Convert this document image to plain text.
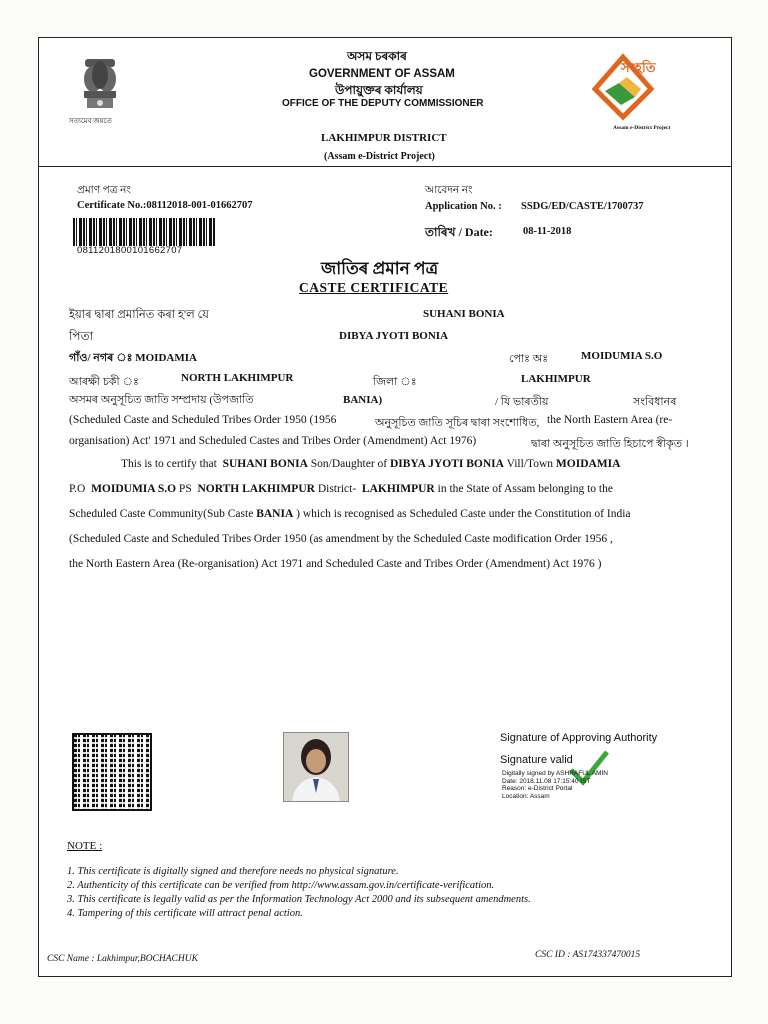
সত্যমেব জয়তে
অসম চৰকাৰ
GOVERNMENT OF ASSAM
উপায়ুক্তৰ কাৰ্যালয়
OFFICE OF THE DEPUTY COMMISSIONER
LAKHIMPUR DISTRICT
(Assam e-District Project)
সংহতি
Assam e-District Project
প্রমাণ পত্র নং
Certificate No.:08112018-001-01662707
081120180010166270​7
আবেদন নং
Application No. : SSDG/ED/CASTE/1700737
তাৰিখ / Date:	08-11-2018
জাতিৰ প্ৰমান পত্ৰ
CASTE CERTIFICATE
ইয়াৰ দ্বাৰা প্ৰমানিত কৰা হ'ল যে	SUHANI BONIA
পিতা	DIBYA JYOTI BONIA
গাঁও/ নগৰ ঃ MOIDAMIA	পোঃ অঃ	MOIDUMIA S.O
আৰক্ষী চকী ঃ	NORTH LAKHIMPUR	জিলা ঃ	LAKHIMPUR
অসমৰ অনুসূচিত জাতি সম্প্ৰদায় (উপজাতি	BANIA)	/ যি ভাৰতীয়	সংবিধানৰ
(Scheduled Caste and Scheduled Tribes Order 1950 (1956	অনুসূচিত জাতি সূচিৰ দ্বাৰা সংশোধিত, the North Eastern Area (re-
organisation) Act' 1971 and Scheduled Castes and Tribes Order (Amendment) Act 1976)	দ্বাৰা অনুসূচিত জাতি হিচাপে স্বীকৃত ।

This is to certify that SUHANI BONIA Son/Daughter of DIBYA JYOTI BONIA Vill/Town MOIDAMIA

P.O MOIDUMIA S.O PS NORTH LAKHIMPUR District- LAKHIMPUR in the State of Assam belonging to the

Scheduled Caste Community(Sub Caste BANIA ) which is recognised as Scheduled Caste under the Constitution of India

(Scheduled Caste and Scheduled Tribes Order 1950 (as amendment by the Scheduled Caste modification Order 1956 ,

the North Eastern Area (Re-organisation) Act 1971 and Scheduled Caste and Tribes Order (Amendment) Act 1976 )

Signature of Approving Authority
Signature valid
Digitally signed by ASHRAFUL AMIN
Date: 2018.11.08 17:15:40 IST
Reason: e-District Portal
Location: Assam
NOTE :
1. This certificate is digitally signed and therefore needs no physical signature.
2. Authenticity of this certificate can be verified from http://www.assam.gov.in/certificate-verification.
3. This certificate is legally valid as per the Information Technology Act 2000 and its subsequent amendments.
4. Tampering of this certificate will attract penal action.
CSC Name : Lakhimpur,BOCHACHUK	CSC ID : AS174337470015
